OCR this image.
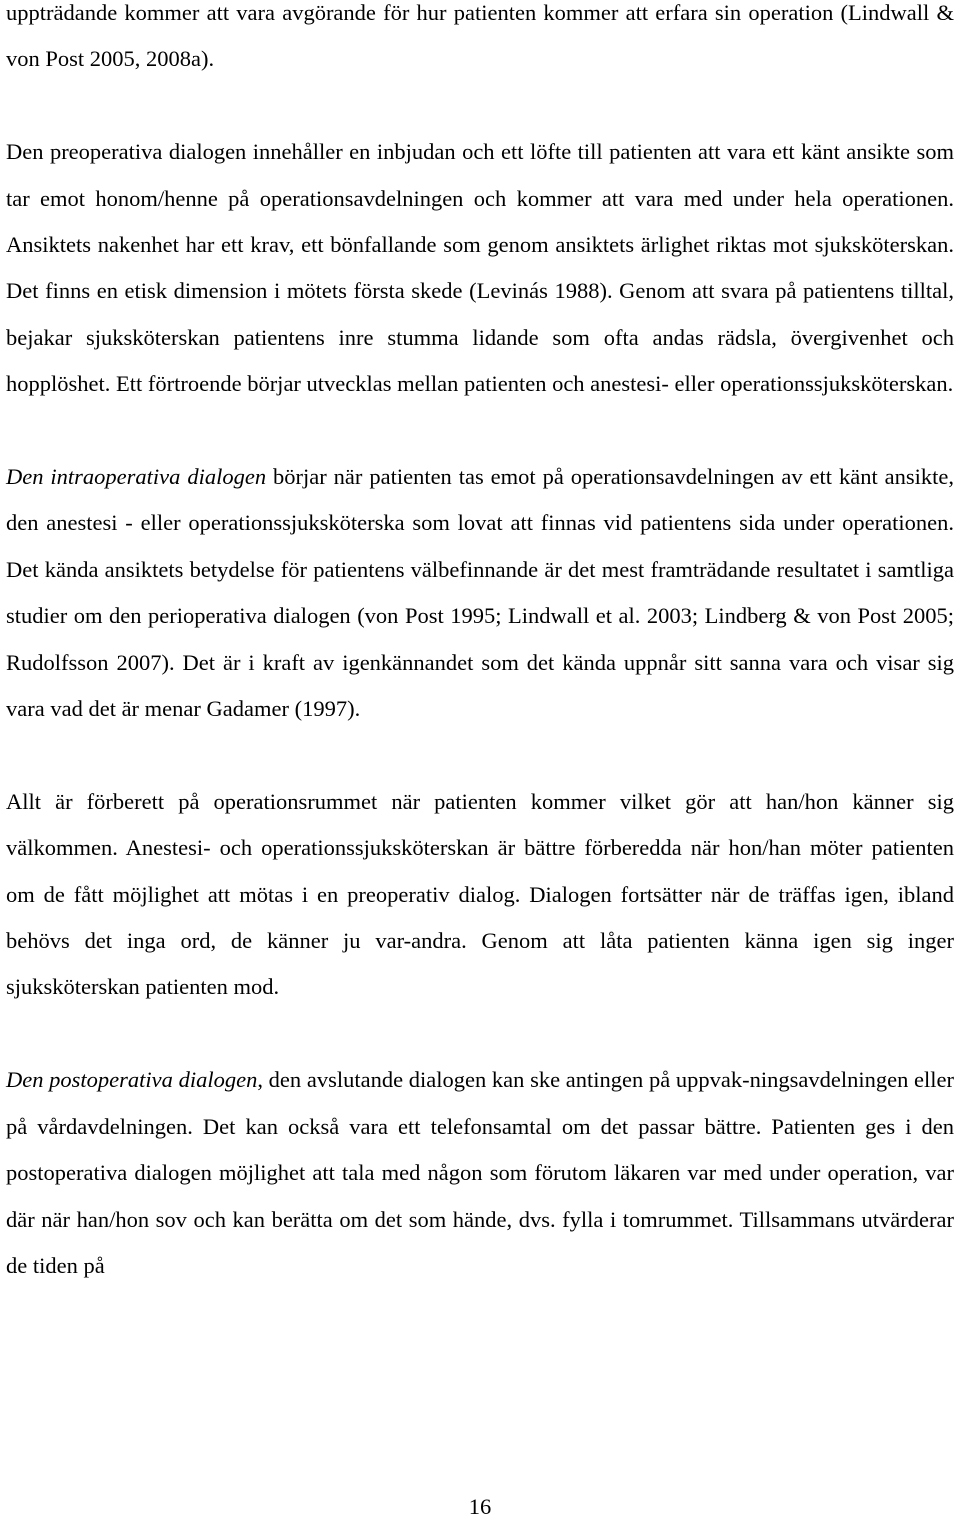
uppträdande kommer att vara avgörande för hur patienten kommer att erfara sin operation (Lindwall & von Post 2005, 2008a).

Den preoperativa dialogen innehåller en inbjudan och ett löfte till patienten att vara ett känt ansikte som tar emot honom/henne på operationsavdelningen och kommer att vara med under hela operationen. Ansiktets nakenhet har ett krav, ett bönfallande som genom ansiktets ärlighet riktas mot sjuksköterskan. Det finns en etisk dimension i mötets första skede (Levinás 1988). Genom att svara på patientens tilltal, bejakar sjuksköterskan patientens inre stumma lidande som ofta andas rädsla, övergivenhet och hopplöshet. Ett förtroende börjar utvecklas mellan patienten och anestesi- eller operationssjuksköterskan.

Den intraoperativa dialogen börjar när patienten tas emot på operationsavdelningen av ett känt ansikte, den anestesi - eller operationssjuksköterska som lovat att finnas vid patientens sida under operationen. Det kända ansiktets betydelse för patientens välbefinnande är det mest framträdande resultatet i samtliga studier om den perioperativa dialogen (von Post 1995; Lindwall et al. 2003; Lindberg & von Post 2005; Rudolfsson 2007). Det är i kraft av igenkännandet som det kända uppnår sitt sanna vara och visar sig vara vad det är menar Gadamer (1997).

Allt är förberett på operationsrummet när patienten kommer vilket gör att han/hon känner sig välkommen. Anestesi- och operationssjuksköterskan är bättre förberedda när hon/han möter patienten om de fått möjlighet att mötas i en preoperativ dialog. Dialogen fortsätter när de träffas igen, ibland behövs det inga ord, de känner ju var-andra. Genom att låta patienten känna igen sig inger sjuksköterskan patienten mod.

Den postoperativa dialogen, den avslutande dialogen kan ske antingen på uppvak-ningsavdelningen eller på vårdavdelningen. Det kan också vara ett telefonsamtal om det passar bättre. Patienten ges i den postoperativa dialogen möjlighet att tala med någon som förutom läkaren var med under operation, var där när han/hon sov och kan berätta om det som hände, dvs. fylla i tomrummet. Tillsammans utvärderar de tiden på

16
